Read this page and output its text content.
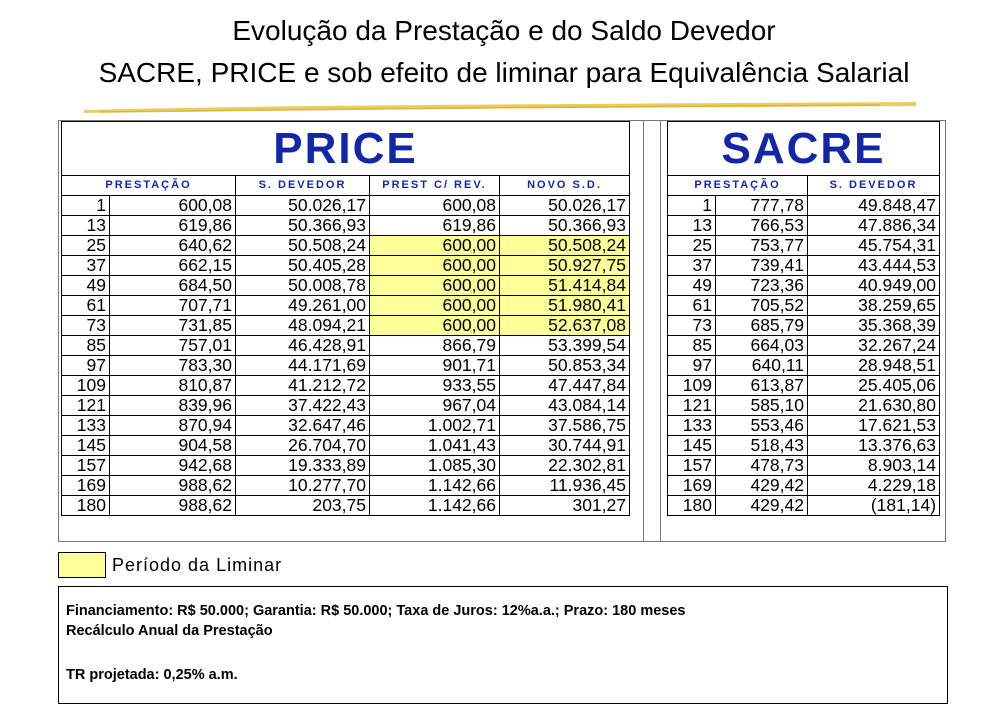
Evolução da Prestação e do Saldo Devedor
SACRE, PRICE e sob efeito de liminar para Equivalência Salarial
PRICE				
PRESTAÇÃO		S. DEVEDOR	PREST C/ REV.	NOVO S.D.
1	600,08	50.026,17	600,08	50.026,17
13	619,86	50.366,93	619,86	50.366,93
25	640,62	50.508,24	600,00	50.508,24
37	662,15	50.405,28	600,00	50.927,75
49	684,50	50.008,78	600,00	51.414,84
61	707,71	49.261,00	600,00	51.980,41
73	731,85	48.094,21	600,00	52.637,08
85	757,01	46.428,91	866,79	53.399,54
97	783,30	44.171,69	901,71	50.853,34
109	810,87	41.212,72	933,55	47.447,84
121	839,96	37.422,43	967,04	43.084,14
133	870,94	32.647,46	1.002,71	37.586,75
145	904,58	26.704,70	1.041,43	30.744,91
157	942,68	19.333,89	1.085,30	22.302,81
169	988,62	10.277,70	1.142,66	11.936,45
180	988,62	203,75	1.142,66	301,27
SACRE		
PRESTAÇÃO		S. DEVEDOR
1	777,78	49.848,47
13	766,53	47.886,34
25	753,77	45.754,31
37	739,41	43.444,53
49	723,36	40.949,00
61	705,52	38.259,65
73	685,79	35.368,39
85	664,03	32.267,24
97	640,11	28.948,51
109	613,87	25.405,06
121	585,10	21.630,80
133	553,46	17.621,53
145	518,43	13.376,63
157	478,73	8.903,14
169	429,42	4.229,18
180	429,42	(181,14)
Período da Liminar
Financiamento: R$ 50.000; Garantia: R$ 50.000; Taxa de Juros: 12%a.a.; Prazo: 180 meses
Recálculo Anual da Prestação
TR projetada: 0,25% a.m.
